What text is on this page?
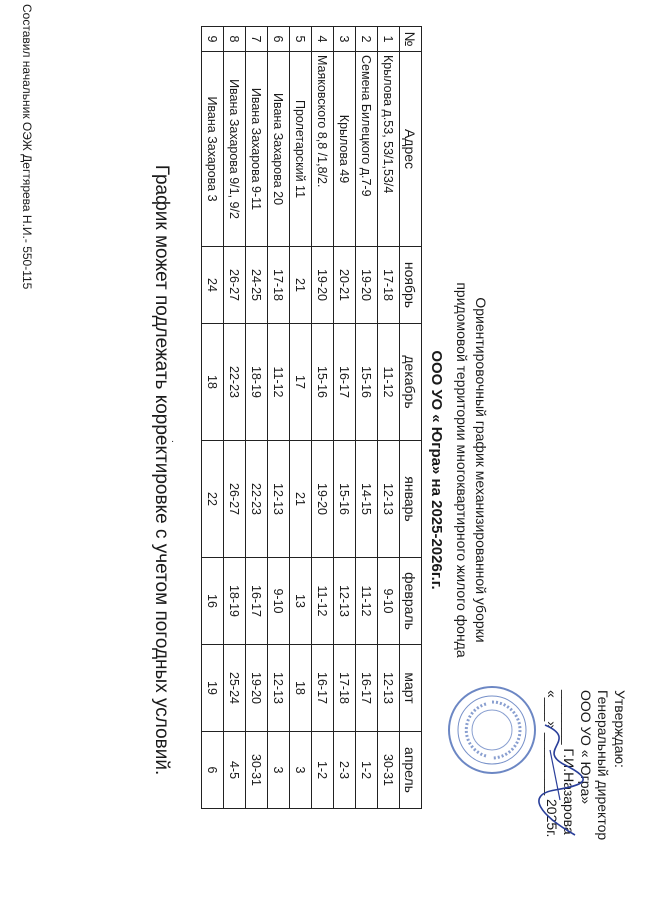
Утверждаю:
Генеральный директор
ООО УО « Югра»
_______ Г.И.Назарова
«___» ________ 2025г.
Ориентировочный график механизированной уборки
придомовой территории многоквартирного жилого фонда
ООО УО « Югра» на 2025-2026г.г.
№	Адрес	ноябрь	декабрь	январь	февраль	март	апрель
1	Крылова д.53, 53/1,53/4	17-18	11-12	12-13	9-10	12-13	30-31
2	Семена Билецкого д.7-9	19-20	15-16	14-15	11-12	16-17	1-2
3	Крылова 49	20-21	16-17	15-16	12-13	17-18	2-3
4	Маяковского 8,8 /1,8/2.	19-20	15-16	19-20	11-12	16-17	1-2
5	Пролетарский 11	21	17	21	13	18	3
6	Ивана Захарова 20	17-18	11-12	12-13	9-10	12-13	3
7	Ивана Захарова 9-11	24-25	18-19	22-23	16-17	19-20	30-31
8	Ивана Захарова 9/1, 9/2	26-27	22-23	26-27	18-19	25-24	4-5
9	Ивана Захарова 3	24	18	22	16	19	6
.
График может подлежать корректировке с учетом погодных условий.
Составил начальник ОЭЖ Дегтярева Н.И.- 550-115
